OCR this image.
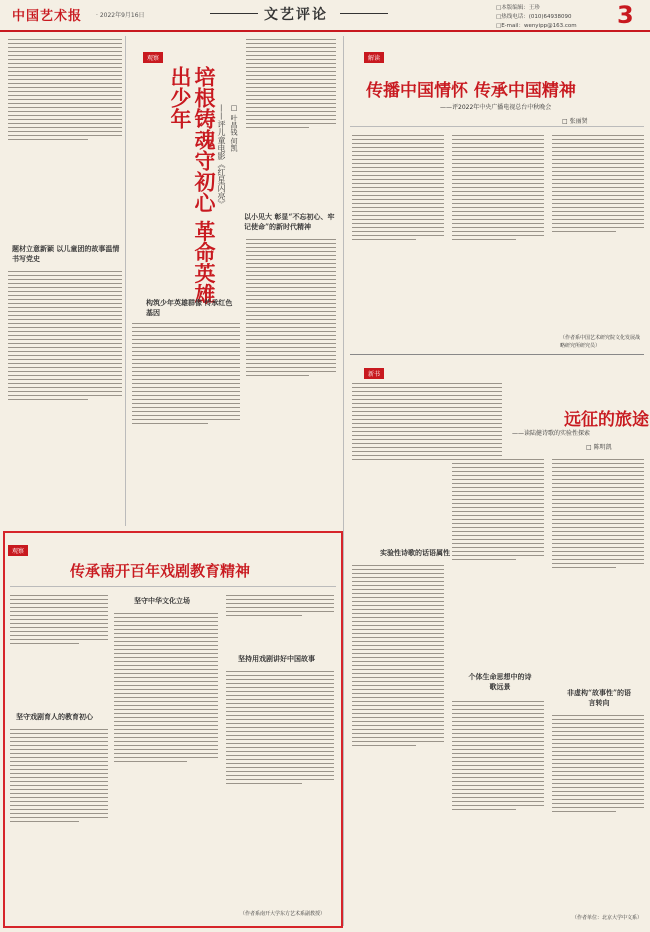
中国艺术报 · 2022年9月16日	文艺评论	□本版编辑：王珍
□热线电话：(010)64938090
□E-mail：wenyipp@163.com 3
题材立意新颖 以儿童团的故事温情书写党史
观察
培根铸魂守初心 革命英雄出少年
——评儿童电影《红星闪亮》 □ 叶昌钱 何凯
以小见大 彰显“不忘初心、牢记使命”的新时代精神
构筑少年英雄群像 传承红色基因
解读
传播中国情怀 传承中国精神
——评2022年中央广播电视总台中秋晚会
□ 张丽贤
（作者系中国艺术研究院文化发展战略研究所研究员）
新书
远征的旅途
——读陆健诗歌的实验性探索
□ 陈明凯
实验性诗歌的话语属性
个体生命思想中的诗歌远景
非虚构“故事性”的语言转向
（作者单位：北京大学中文系）
观察
传承南开百年戏剧教育精神
坚守戏剧育人的教育初心
坚守中华文化立场
坚持用戏剧讲好中国故事
（作者系南开大学东方艺术系副教授）
